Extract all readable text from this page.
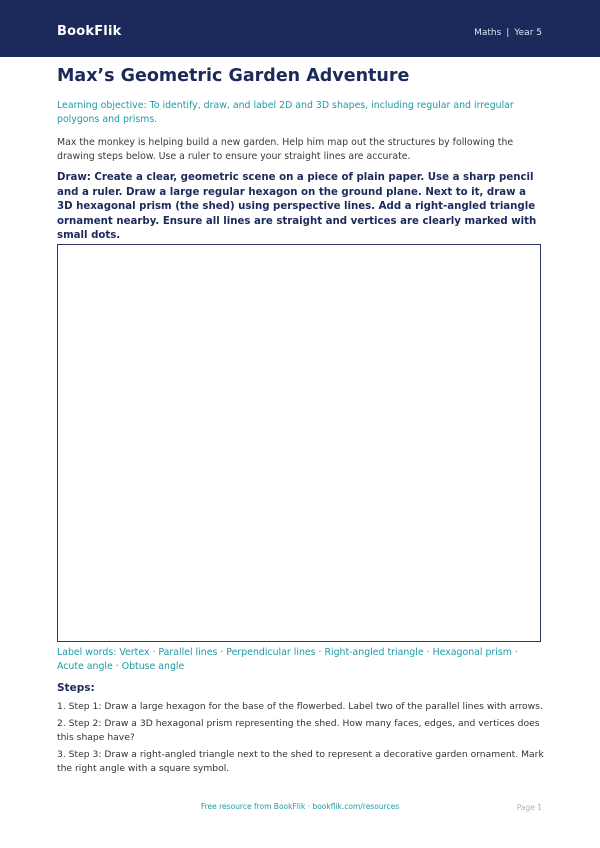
BookFlik	Maths | Year 5
Max’s Geometric Garden Adventure
Learning objective: To identify, draw, and label 2D and 3D shapes, including regular and irregular polygons and prisms.
Max the monkey is helping build a new garden. Help him map out the structures by following the drawing steps below. Use a ruler to ensure your straight lines are accurate.
Draw: Create a clear, geometric scene on a piece of plain paper. Use a sharp pencil and a ruler. Draw a large regular hexagon on the ground plane. Next to it, draw a 3D hexagonal prism (the shed) using perspective lines. Add a right-angled triangle ornament nearby. Ensure all lines are straight and vertices are clearly marked with small dots.
Label words: Vertex · Parallel lines · Perpendicular lines · Right-angled triangle · Hexagonal prism · Acute angle · Obtuse angle
Steps:
1. Step 1: Draw a large hexagon for the base of the flowerbed. Label two of the parallel lines with arrows.
2. Step 2: Draw a 3D hexagonal prism representing the shed. How many faces, edges, and vertices does this shape have?
3. Step 3: Draw a right-angled triangle next to the shed to represent a decorative garden ornament. Mark the right angle with a square symbol.
Free resource from BookFlik · bookflik.com/resources	Page 1
